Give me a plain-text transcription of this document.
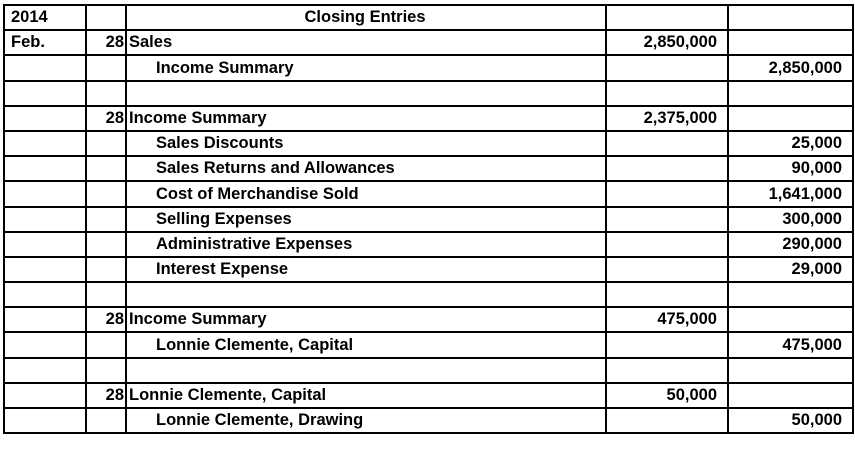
2014		Closing Entries		
Feb.	28	Sales	2,850,000	
		Income Summary		2,850,000

	28	Income Summary	2,375,000	
		Sales Discounts		25,000
		Sales Returns and Allowances		90,000
		Cost of Merchandise Sold		1,641,000
		Selling Expenses		300,000
		Administrative Expenses		290,000
		Interest Expense		29,000

	28	Income Summary	475,000	
		Lonnie Clemente, Capital		475,000

	28	Lonnie Clemente, Capital	50,000	
		Lonnie Clemente, Drawing		50,000
